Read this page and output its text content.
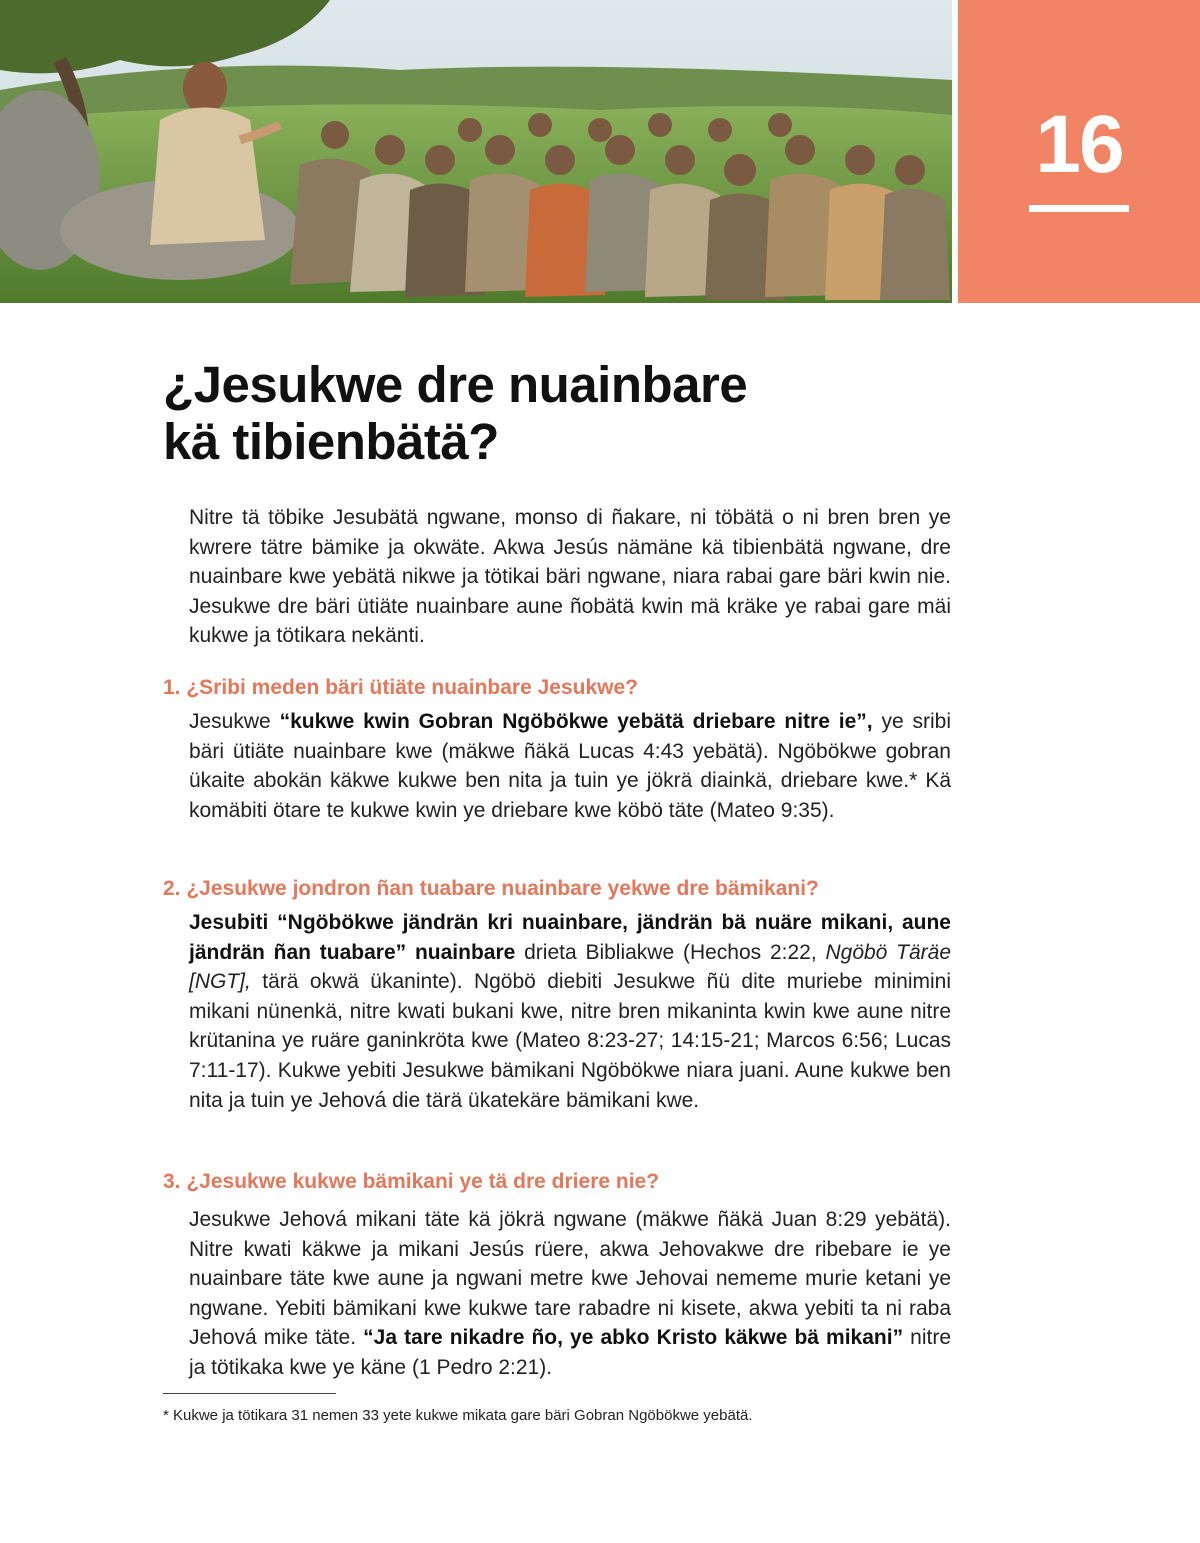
16
¿Jesukwe dre nuainbare
kä tibienbätä?

Nitre tä töbike Jesubätä ngwane, monso di ñakare, ni töbätä o ni bren bren ye kwrere tätre bämike ja okwäte. Akwa Jesús nämäne kä tibienbätä ngwane, dre nuainbare kwe yebätä nikwe ja tötikai bäri ngwane, niara rabai gare bäri kwin nie. Jesukwe dre bäri ütiäte nuainbare aune ñobätä kwin mä kräke ye rabai gare mäi kukwe ja tötikara nekänti.

1. ¿Sribi meden bäri ütiäte nuainbare Jesukwe?

Jesukwe “kukwe kwin Gobran Ngöbökwe yebätä driebare nitre ie”, ye sribi bäri ütiäte nuainbare kwe (mäkwe ñäkä Lucas 4:43 yebätä). Ngöbökwe gobran ükaite abokän käkwe kukwe ben nita ja tuin ye jökrä diainkä, driebare kwe.* Kä komäbiti ötare te kukwe kwin ye driebare kwe köbö täte (Mateo 9:35).

2. ¿Jesukwe jondron ñan tuabare nuainbare yekwe dre bämikani?

Jesubiti “Ngöbökwe jändrän kri nuainbare, jändrän bä nuäre mikani, aune jändrän ñan tuabare” nuainbare drieta Bibliakwe (Hechos 2:22, Ngöbö Täräe [NGT], tärä okwä ükaninte). Ngöbö diebiti Jesukwe ñü dite muriebe minimini mikani nünenkä, nitre kwati bukani kwe, nitre bren mikaninta kwin kwe aune nitre krütanina ye ruäre ganinkröta kwe (Mateo 8:23-27; 14:15-21; Marcos 6:56; Lucas 7:11-17). Kukwe yebiti Jesukwe bämikani Ngöbökwe niara juani. Aune kukwe ben nita ja tuin ye Jehová die tärä ükatekäre bämikani kwe.

3. ¿Jesukwe kukwe bämikani ye tä dre driere nie?

Jesukwe Jehová mikani täte kä jökrä ngwane (mäkwe ñäkä Juan 8:29 yebätä). Nitre kwati käkwe ja mikani Jesús rüere, akwa Jehovakwe dre ribebare ie ye nuainbare täte kwe aune ja ngwani metre kwe Jehovai nememe murie ketani ye ngwane. Yebiti bämikani kwe kukwe tare rabadre ni kisete, akwa yebiti ta ni raba Jehová mike täte. “Ja tare nikadre ño, ye abko Kristo käkwe bä mikani” nitre ja tötikaka kwe ye käne (1 Pedro 2:21).

* Kukwe ja tötikara 31 nemen 33 yete kukwe mikata gare bäri Gobran Ngöbökwe yebätä.
